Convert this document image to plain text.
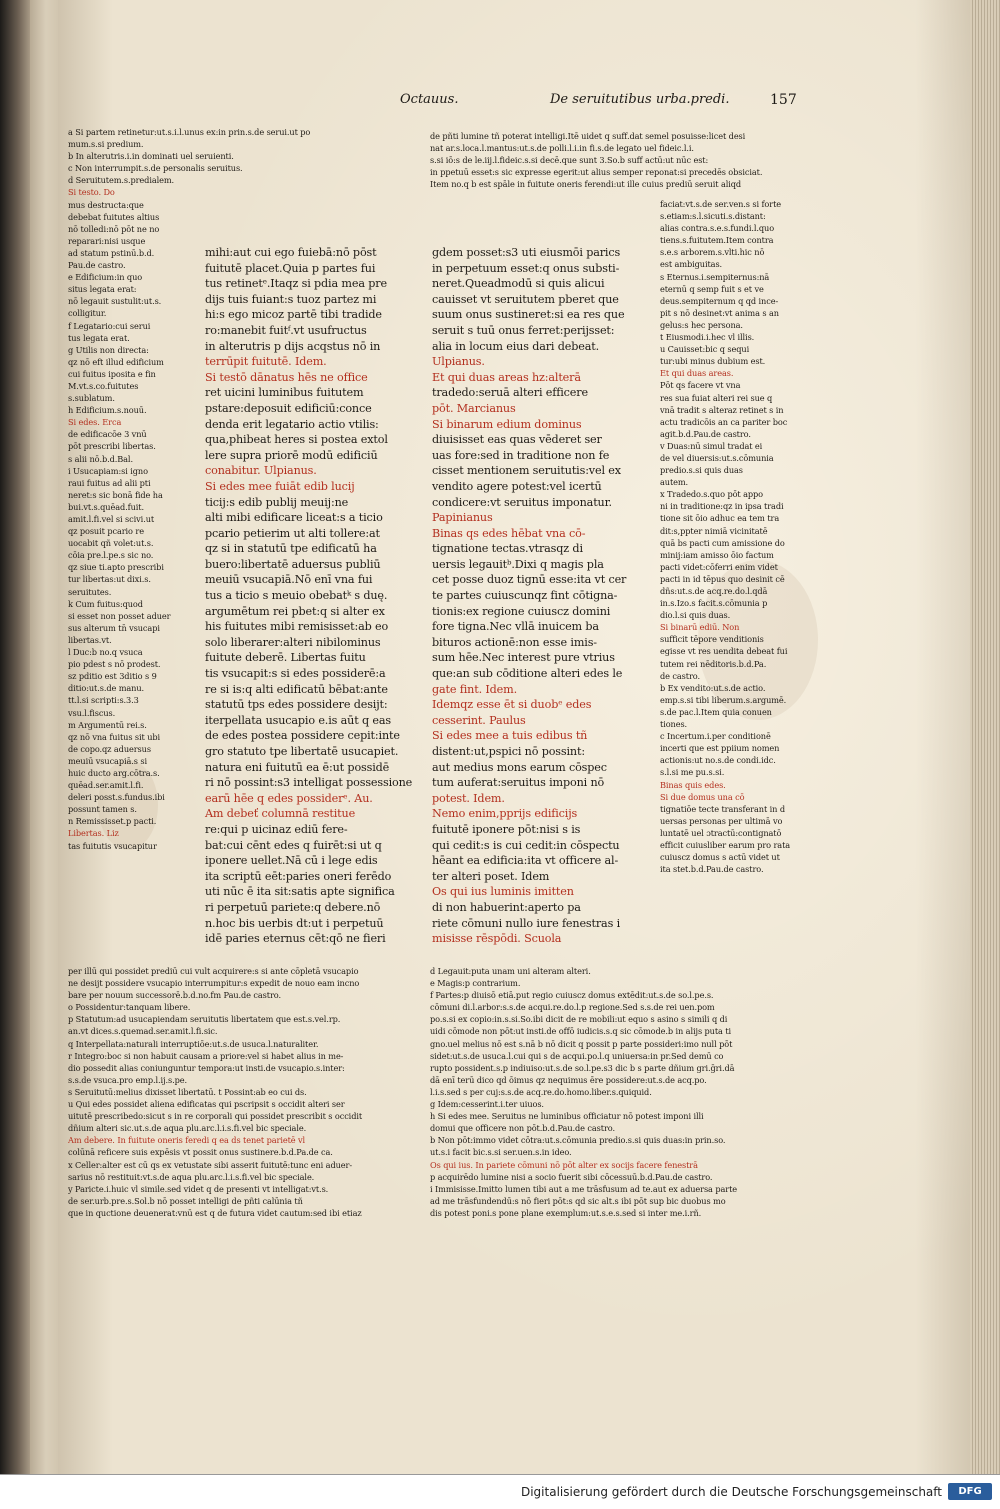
Octauus.	De seruitutibus urba.predi.	157
a Si partem retinetur:ut.s.i.l.unus ex:in prin.s.de serui.ut po
mum.s.si predium.
b In alterutris.i.in dominati uel seruienti.
c Non interrumpit.s.de personalis seruitus.
d Seruitutem.s.predialem.
Si testo. Do
mus destructa:que
debebat fuitutes altius
nō tolledi:nō pōt ne no
reparari:nisi usque
ad statum pstinū.b.d.
Pau.de castro.
e Edificium:in quo
situs legata erat:
nō legauit sustulit:ut.s.
colligitur.
f Legatario:cui serui
tus legata erat.
g Utilis non directa:
qz nō eft illud edificium
cui fuitus iposita e fin
M.vt.s.co.fuitutes
s.sublatum.
h Edificium.s.nouū.
Si edes. Erca
de edificacōe 3 vnū
pōt prescribi libertas.
s alii nō.b.d.Bal.
i Usucapiam:si igno
raui fuitus ad alii pti
neret:s sic bonā fide ha
bui.vt.s.quēad.fuit.
amit.l.fi.vel si scivi.ut
qz posuit pcario re
uocabit qñ volet:ut.s.
cōia pre.l.pe.s sic no.
qz siue ti.apto prescribi
tur libertas:ut dixi.s.
seruitutes.
k Cum fuitus:quod
si esset non posset aduer
sus alterum tn̄ vsucapi
libertas.vt.
l Duc:b no.q vsuca
pio pdest s nō prodest.
sz pditio est 3ditio s 9
ditio:ut.s.de manu.
tt.l.si scripti:s.3.3
vsu.l.fiscus.
m Argumentū rei.s.
qz nō vna fuitus sit ubi
de copo.qz aduersus
meuiū vsucapiā.s si
huic ducto arg.cōtra.s.
quēad.ser.amit.l.fi.
deleri posst.s.fundus.ibi
possunt tamen s.
n Remississet.p pacti.
Libertas. Liz
tas fuitutis vsucapitur
de pñti lumine tñ poterat intelligi.Itē uidet q suff.dat semel posuisse:licet desi
nat ar.s.loca.l.mantus:ut.s.de polli.l.i.in fi.s.de legato uel fideic.l.i.
s.si iō:s de le.iij.l.fideic.s.si decē.que sunt 3.So.b suff actū:ut nūc est:
in ppetuū esset:s sic expresse egerit:ut alius semper reponat:si precedēs obsiciat.
Item no.q b est spāle in fuitute oneris ferendi:ut ille cuius prediū seruit aliqd
mihi:aut cui ego fuiebā:nō pōst
fuitutē placet.Quia p partes fui
tus retinetᵉ.Itaqz si pdia mea pre
dijs tuis fuiant:s tuoz partez mi
hi:s ego micoz partē tibi tradide
ro:manebit fuitᶠ.vt usufructus
in alterutris p dijs acqstus nō in
terrūpit fuitutē. Idem.
Si testō dānatus hēs ne office
ret uicini luminibus fuitutem
pstare:deposuit edificiū:conce
denda erit legatario actio vtilis:
qua,phibeat heres si postea extol
lere supra priorē modū edificiū
conabitur. Ulpianus.
Si edes mee fuiāt edib lucij
ticij:s edib publij meuij:ne
alti mibi edificare liceat:s a ticio
pcario petierim ut alti tollere:at
qz si in statutū tpe edificatū ha
buero:libertatē aduersus publiū
meuiū vsucapiā.Nō enī vna fui
tus a ticio s meuio obebatᵏ s duę.
argumētum rei pbet:q si alter ex
his fuitutes mibi remisisset:ab eo
solo liberarer:alteri nibilominus
fuitute deberē. Libertas fuitu
tis vsucapit:s si edes possiderē:a
re si is:q alti edificatū bēbat:ante
statutū tps edes possidere desijt:
iterpellata usucapio e.is aūt q eas
de edes postea possidere cepit:inte
gro statuto tpe libertatē usucapiet.
natura eni fuitutū ea ē:ut possidē
ri nō possint:s3 intelligat possessione
earū hēe q edes possiderᵉ. Au.
Am debeť columnā restitue
re:qui p uicinaz ediū fere-
bat:cui cēnt edes q fuirēt:si ut q
iponere uellet.Nā cū i lege edis
ita scriptū eēt:paries oneri ferēdo
uti nūc ē ita sit:satis apte significa
ri perpetuū pariete:q debere.nō
n.hoc bis uerbis dt:ut i perpetuū
idē paries eternus cēt:qō ne fieri
gdem posset:s3 uti eiusmōi parics
in perpetuum esset:q onus substi-
neret.Queadmodū si quis alicui
cauisset vt seruitutem pberet que
suum onus sustineret:si ea res que
seruit s tuū onus ferret:perijsset:
alia in locum eius dari debeat.
Ulpianus.
Et qui duas areas hz:alterā
tradedo:seruā alteri efficere
pōt. Marcianus
Si binarum edium dominus
diuisisset eas quas vēderet ser
uas fore:sed in traditione non fe
cisset mentionem seruitutis:vel ex
vendito agere potest:vel icertū
condicere:vt seruitus imponatur.
Papinianus
Binas qs edes hēbat vna cō-
tignatione tectas.vtrasqz di
uersis legauitᵇ.Dixi q magis pla
cet posse duoz tignū esse:ita vt cer
te partes cuiuscunqz fint cōtigna-
tionis:ex regione cuiuscz domini
fore tigna.Nec vllā inuicem ba
bituros actionē:non esse imis-
sum hēe.Nec interest pure vtrius
que:an sub cōditione alteri edes le
gate fint. Idem.
Idemqz esse ēt si duobᵉ edes
cesserint. Paulus
Si edes mee a tuis edibus tñ
distent:ut,pspici nō possint:
aut medius mons earum cōspec
tum auferat:seruitus imponi nō
potest. Idem.
Nemo enim,pprijs edificijs
fuitutē iponere pōt:nisi s is
qui cedit:s is cui cedit:in cōspectu
hēant ea edificia:ita vt officere al-
ter alteri poset. Idem
Os qui ius luminis imitten
di non habuerint:aperto pa
riete cōmuni nullo iure fenestras i
misisse rēspōdi. Scuola
faciat:vt.s.de ser.ven.s si forte
s.etiam:s.l.sicuti.s.distant:
alias contra.s.e.s.fundi.l.quo
tiens.s.fuitutem.Item contra
s.e.s arborem.s.vlti.hic nō
est ambiguitas.
s Eternus.i.sempiternus:nā
eternū q semp fuit s et ve
deus.sempiternum q qd ince-
pit s nō desinet:vt anima s an
gelus:s hec persona.
t Eiusmodi.i.hec vl illis.
u Cauisset:bic q sequi
tur:ubi minus dubium est.
Et qui duas areas.
Pōt qs facere vt vna
res sua fuiat alteri rei sue q
vnā tradit s alteraz retinet s in
actu tradicōis an ca pariter boc
agit.b.d.Pau.de castro.
v Duas:nū simul tradat ei
de vel diuersis:ut.s.cōmunia
predio.s.si quis duas
autem.
x Tradedo.s.quo pōt appo
ni in traditione:qz in ipsa tradi
tione sit ōio adhuc ea tem tra
dit:s,ppter nimiā vicinitatē
quā bs pacti cum amissione do
minij:iam amisso ōio factum
pacti videt:cōferri enim videt
pacti in id tēpus quo desinit cē
dñs:ut.s.de acq.re.do.l.qdā
in.s.Izo.s facit.s.cōmunia p
dio.l.si quis duas.
Si binarū ediū. Non
sufficit tēpore venditionis
egisse vt res uendita debeat fui
tutem rei nēditoris.b.d.Pa.
de castro.
b Ex vendito:ut.s.de actio.
emp.s.si tibi liberum.s.argumē.
s.de pac.l.Item quia conuen
tiones.
c Incertum.i.per conditionē
incerti que est ppiium nomen
actionis:ut no.s.de condi.idc.
s.l.si me pu.s.si.
Binas quis edes.
Si due domus una cō
tignatiōe tecte transferant in d
uersas personas per ultimā vo
luntatē uel ɔtractū:contignatō
efficit cuiusliber earum pro rata
cuiuscz domus s actū videt ut
ita stet.b.d.Pau.de castro.
per illū qui possidet prediū cui vult acquirere:s si ante cōpletā vsucapio
ne desijt possidere vsucapio interrumpitur:s expedit de nouo eam incno
bare per nouum successorē.b.d.no.fm Pau.de castro.
o Possidentur:tanquam libere.
p Statutum:ad usucapiendam seruitutis libertatem que est.s.vel.rp.
an.vt dices.s.quemad.ser.amit.l.fi.sic.
q Interpellata:naturali interruptiōe:ut.s.de usuca.l.naturaliter.
r Integro:boc si non habuit causam a priore:vel si habet alius in me-
dio possedit alias coniunguntur tempora:ut insti.de vsucapio.s.inter:
s.s.de vsuca.pro emp.l.ij.s.pe.
s Seruitutū:melius dixisset libertatū. t Possint:ab eo cui ds.
u Qui edes possidet aliena edificatas qui pscripsit s occidit alteri ser
uitutē prescribedo:sicut s in re corporali qui possidet prescribit s occidit
dñium alteri sic.ut.s.de aqua plu.arc.l.i.s.fi.vel bic speciale.
Am debere. In fuitute oneris feredi q ea ds tenet parietē vl
colūnā reficere suis expēsis vt possit onus sustinere.b.d.Pa.de ca.
x Celler:alter est cū qs ex vetustate sibi asserit fuitutē:tunc eni aduer-
sarius nō restituit:vt.s.de aqua plu.arc.l.i.s.fi.vel bic speciale.
y Paricte.i.huic vl simile.sed videt q de presenti vt intelligat:vt.s.
de ser.urb.pre.s.Sol.b nō posset intelligi de pñti calūnia tñ
que in quctione deuenerat:vnū est q de futura videt cautum:sed ibi etiaz
d Legauit:puta unam uni alteram alteri.
e Magis:p contrarium.
f Partes:p diuisō etiā.put regio cuiuscz domus extēdit:ut.s.de so.l.pe.s.
cōmuni di.l.arbor:s.s.de acqui.re.do.l.p regione.Sed s.s.de rei uen.pom
po.s.si ex copio:in.s.si.So.ibi dicit de re mobili:ut equo s asino s simili q di
uidi cōmode non pōt:ut insti.de offō iudicis.s.q sic cōmode.b in alijs puta ti
gno.uel melius nō est s.nā b nō dicit q possit p parte possideri:imo null pōt
sidet:ut.s.de usuca.l.cui qui s de acqui.po.l.q uniuersa:in pr.Sed demū co
rupto possident.s.p indiuiso:ut.s.de so.l.pe.s3 dic b s parte dñium gri.ḡri.dā
dā enī terū dico qd ōimus qz nequimus ēre possidere:ut.s.de acq.po.
l.i.s.sed s per cuj:s.s.de acq.re.do.homo.liber.s.quiquid.
g Idem:cesserint.i.ter uiuos.
h Si edes mee. Seruitus ne luminibus officiatur nō potest imponi illi
domui que officere non pōt.b.d.Pau.de castro.
b Non pōt:immo videt cōtra:ut.s.cōmunia predio.s.si quis duas:in prin.so.
ut.s.i facit bic.s.si ser.uen.s.in ideo.
Os qui ius. In pariete cōmuni nō pōt alter ex socijs facere fenestrā
p acquirēdo lumine nisi a socio fuerit sibi cōcessuū.b.d.Pau.de castro.
i Immisisse.Imitto lumen tibi aut a me trāsfusum ad te.aut ex aduersa parte
ad me trāsfundendū:s nō fieri pōt:s qd sic alt.s ibi pōt sup bic duobus mo
dis potest poni.s pone plane exemplum:ut.s.e.s.sed si inter me.i.rñ.
Digitalisierung gefördert durch die Deutsche Forschungsgemeinschaft	DFG
